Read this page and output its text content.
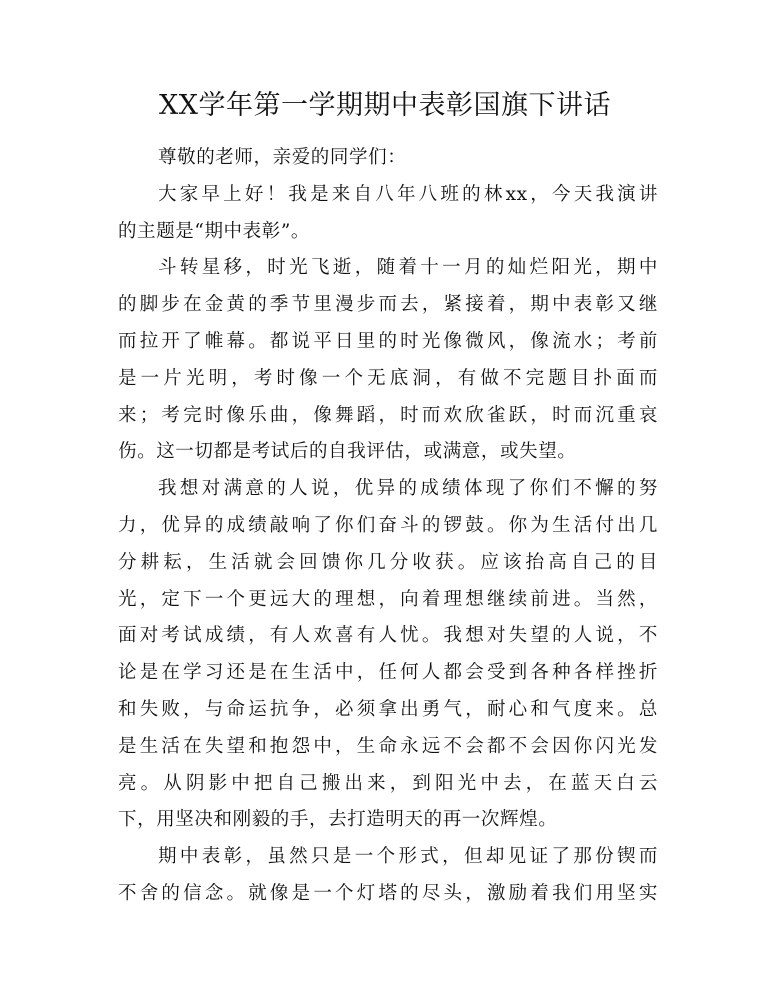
XX学年第一学期期中表彰国旗下讲话
尊敬的老师，亲爱的同学们：
大家早上好！我是来自八年八班的林xx，今天我演讲
的主题是“期中表彰”。
斗转星移，时光飞逝，随着十一月的灿烂阳光，期中
的脚步在金黄的季节里漫步而去，紧接着，期中表彰又继
而拉开了帷幕。都说平日里的时光像微风，像流水；考前
是一片光明，考时像一个无底洞，有做不完题目扑面而
来；考完时像乐曲，像舞蹈，时而欢欣雀跃，时而沉重哀
伤。这一切都是考试后的自我评估，或满意，或失望。
我想对满意的人说，优异的成绩体现了你们不懈的努
力，优异的成绩敲响了你们奋斗的锣鼓。你为生活付出几
分耕耘，生活就会回馈你几分收获。应该抬高自己的目
光，定下一个更远大的理想，向着理想继续前进。当然，
面对考试成绩，有人欢喜有人忧。我想对失望的人说，不
论是在学习还是在生活中，任何人都会受到各种各样挫折
和失败，与命运抗争，必须拿出勇气，耐心和气度来。总
是生活在失望和抱怨中，生命永远不会都不会因你闪光发
亮。从阴影中把自己搬出来，到阳光中去，在蓝天白云
下，用坚决和刚毅的手，去打造明天的再一次辉煌。
期中表彰，虽然只是一个形式，但却见证了那份锲而
不舍的信念。就像是一个灯塔的尽头，激励着我们用坚实
